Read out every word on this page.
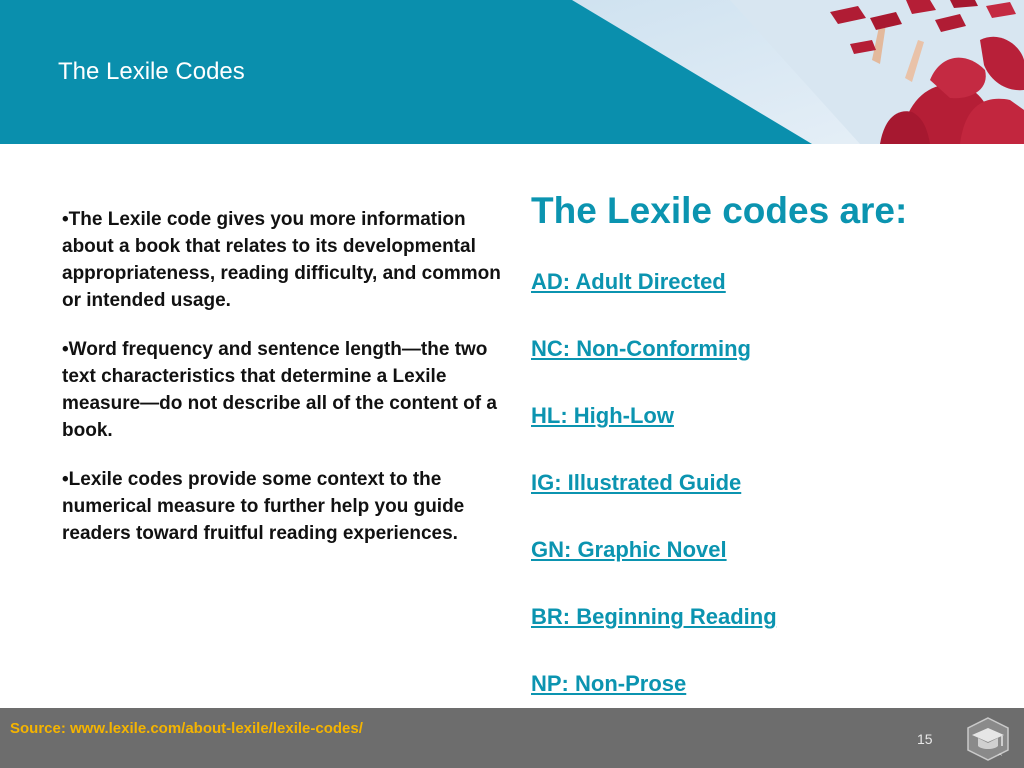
The Lexile Codes

•The Lexile code gives you more information about a book that relates to its developmental appropriateness, reading difficulty, and common or intended usage.

•Word frequency and sentence length—the two text characteristics that determine a Lexile measure—do not describe all of the content of a book.

•Lexile codes provide some context to the numerical measure to further help you guide readers toward fruitful reading experiences.

The Lexile codes are:
AD: Adult Directed
NC: Non-Conforming
HL: High-Low
IG: Illustrated Guide
GN: Graphic Novel
BR: Beginning Reading
NP: Non-Prose
Source: www.lexile.com/about-lexile/lexile-codes/
15
^
